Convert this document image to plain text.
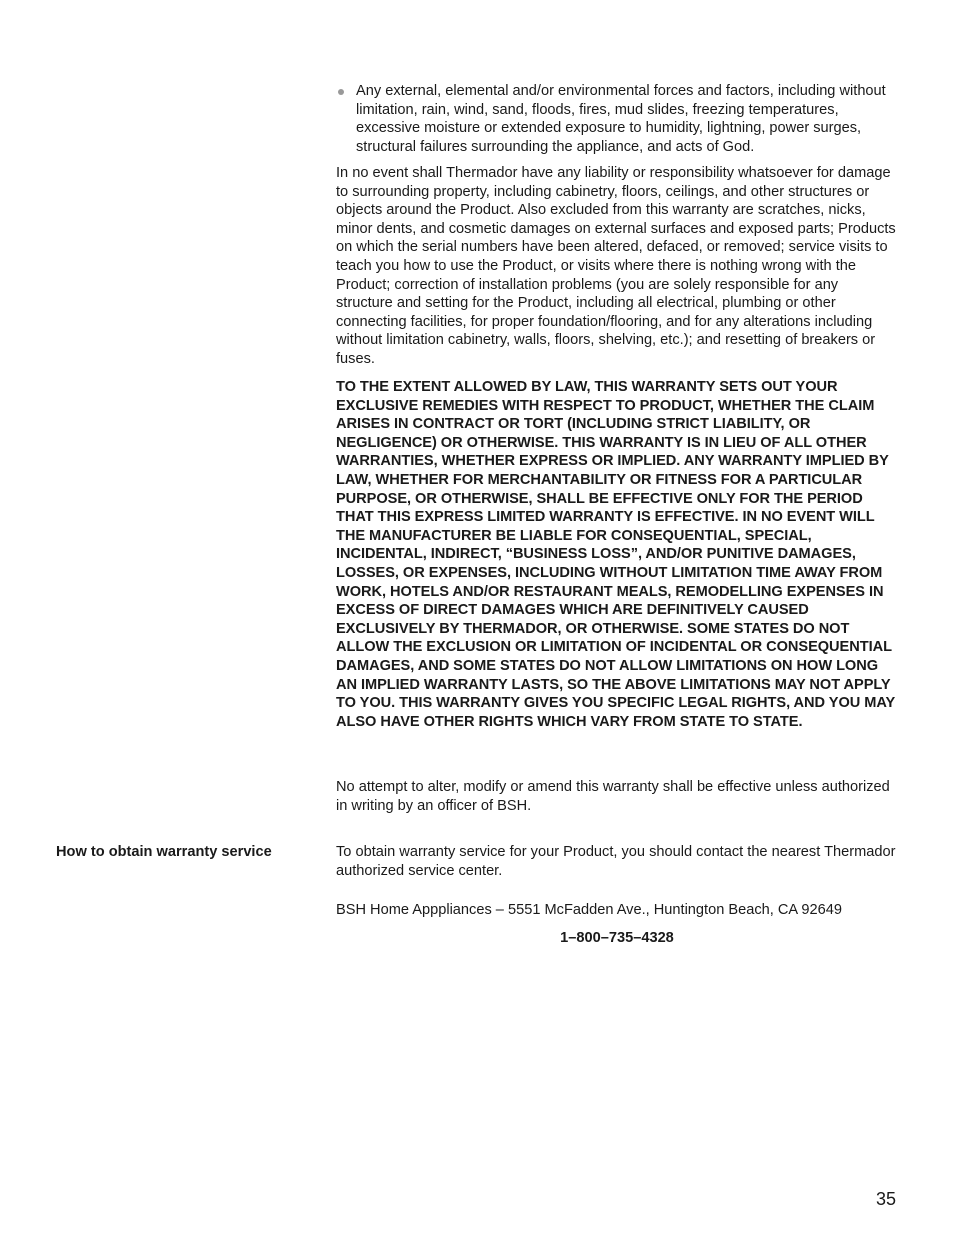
Any external, elemental and/or environmental forces and factors, including without limitation, rain, wind, sand, floods, fires, mud slides, freezing temperatures, excessive moisture or extended exposure to humidity, lightning, power surges, structural failures surrounding the appliance, and acts of God.

In no event shall Thermador have any liability or responsibility whatsoever for damage to surrounding property, including cabinetry, floors, ceilings, and other structures or objects around the Product. Also excluded from this warranty are scratches, nicks, minor dents, and cosmetic damages on external surfaces and exposed parts; Products on which the serial numbers have been altered, defaced, or removed; service visits to teach you how to use the Product, or visits where there is nothing wrong with the Product; correction of installation problems (you are solely responsible for any structure and setting for the Product, including all electrical, plumbing or other connecting facilities, for proper foundation/flooring, and for any alterations including without limitation cabinetry, walls, floors, shelving, etc.); and resetting of breakers or fuses.

TO THE EXTENT ALLOWED BY LAW, THIS WARRANTY SETS OUT YOUR EXCLUSIVE REMEDIES WITH RESPECT TO PRODUCT, WHETHER THE CLAIM ARISES IN CONTRACT OR TORT (INCLUDING STRICT LIABILITY, OR NEGLIGENCE) OR OTHERWISE. THIS WARRANTY IS IN LIEU OF ALL OTHER WARRANTIES, WHETHER EXPRESS OR IMPLIED. ANY WARRANTY IMPLIED BY LAW, WHETHER FOR MERCHANTABILITY OR FITNESS FOR A PARTICULAR PURPOSE, OR OTHERWISE, SHALL BE EFFECTIVE ONLY FOR THE PERIOD THAT THIS EXPRESS LIMITED WARRANTY IS EFFECTIVE. IN NO EVENT WILL THE MANUFACTURER BE LIABLE FOR CONSEQUENTIAL, SPECIAL, INCIDENTAL, INDIRECT, “BUSINESS LOSS”, AND/OR PUNITIVE DAMAGES, LOSSES, OR EXPENSES, INCLUDING WITHOUT LIMITATION TIME AWAY FROM WORK, HOTELS AND/OR RESTAURANT MEALS, REMODELLING EXPENSES IN EXCESS OF DIRECT DAMAGES WHICH ARE DEFINITIVELY CAUSED EXCLUSIVELY BY THERMADOR, OR OTHERWISE. SOME STATES DO NOT ALLOW THE EXCLUSION OR LIMITATION OF INCIDENTAL OR CONSEQUENTIAL DAMAGES, AND SOME STATES DO NOT ALLOW LIMITATIONS ON HOW LONG AN IMPLIED WARRANTY LASTS, SO THE ABOVE LIMITATIONS MAY NOT APPLY TO YOU. THIS WARRANTY GIVES YOU SPECIFIC LEGAL RIGHTS, AND YOU MAY ALSO HAVE OTHER RIGHTS WHICH VARY FROM STATE TO STATE.

No attempt to alter, modify or amend this warranty shall be effective unless authorized in writing by an officer of BSH.

How to obtain warranty service	To obtain warranty service for your Product, you should contact the nearest Thermador authorized service center.

BSH Home Apppliances – 5551 McFadden Ave., Huntington Beach, CA 92649

1–800–735–4328
35
